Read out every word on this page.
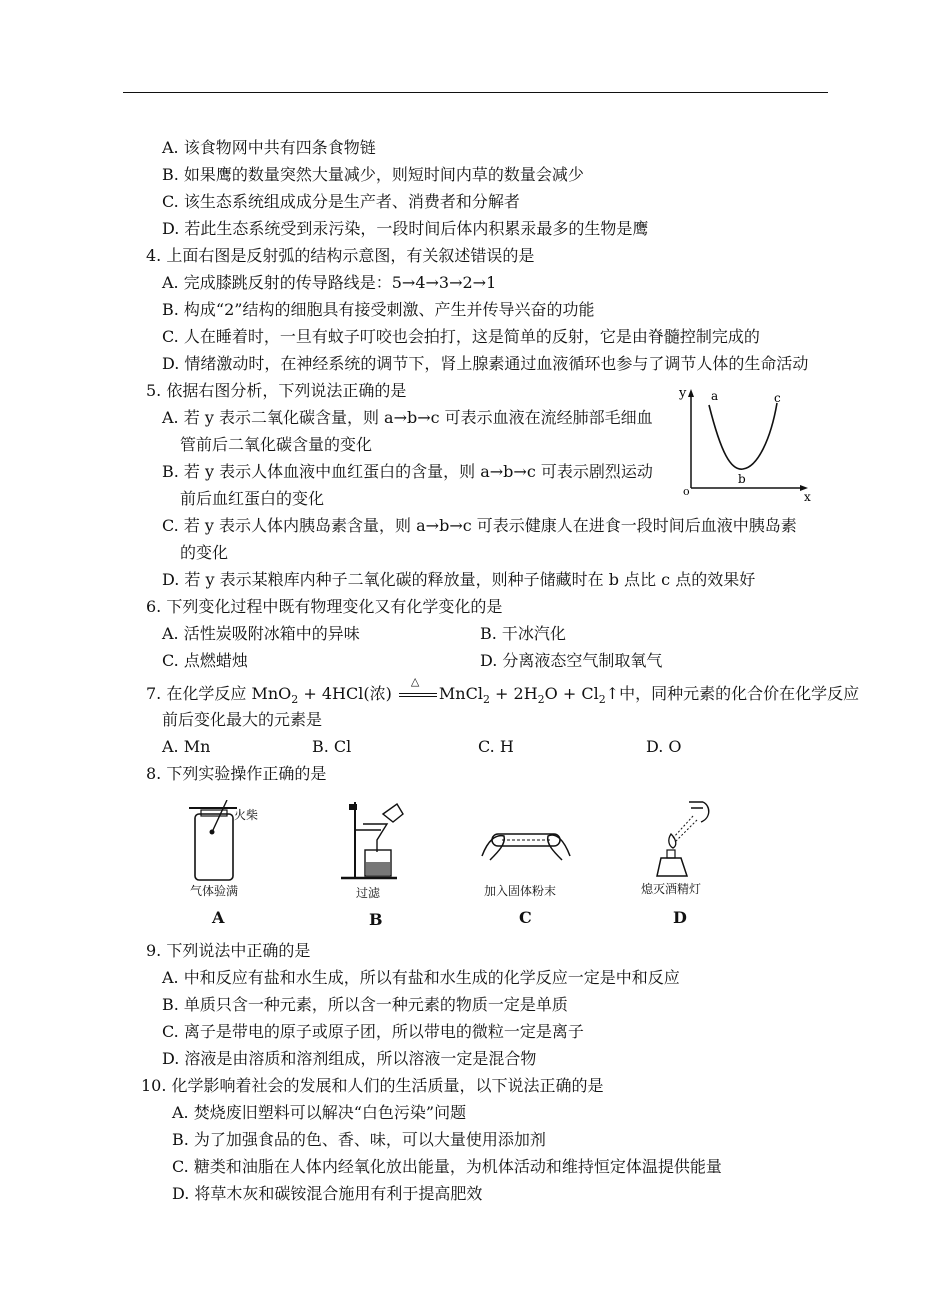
A. 该食物网中共有四条食物链
B. 如果鹰的数量突然大量减少，则短时间内草的数量会减少
C. 该生态系统组成成分是生产者、消费者和分解者
D. 若此生态系统受到汞污染，一段时间后体内积累汞最多的生物是鹰
4. 上面右图是反射弧的结构示意图，有关叙述错误的是
A. 完成膝跳反射的传导路线是：5→4→3→2→1
B. 构成“2”结构的细胞具有接受刺激、产生并传导兴奋的功能
C. 人在睡着时，一旦有蚊子叮咬也会拍打，这是简单的反射，它是由脊髓控制完成的
D. 情绪激动时，在神经系统的调节下，肾上腺素通过血液循环也参与了调节人体的生命活动
5. 依据右图分析，下列说法正确的是
A. 若 y 表示二氧化碳含量，则 a→b→c 可表示血液在流经肺部毛细血
管前后二氧化碳含量的变化
B. 若 y 表示人体血液中血红蛋白的含量，则 a→b→c 可表示剧烈运动
前后血红蛋白的变化
C. 若 y 表示人体内胰岛素含量，则 a→b→c 可表示健康人在进食一段时间后血液中胰岛素
的变化
D. 若 y 表示某粮库内种子二氧化碳的释放量，则种子储藏时在 b 点比 c 点的效果好
y a
b
c
o	x
6. 下列变化过程中既有物理变化又有化学变化的是
A. 活性炭吸附冰箱中的异味	B. 干冰汽化
C. 点燃蜡烛	D. 分离液态空气制取氧气
7. 在化学反应 MnO$_2$ + 4HCl(浓)
△
MnCl$_2$ + $2H_2O$ + $Cl_2↑$中，同种元素的化合价在化学反应
前后变化最大的元素是
A. Mn	B. Cl	C. H	D. O
8. 下列实验操作正确的是
火柴
气体验满
A
过滤
B
加入固体粉末
C
熄灭酒精灯
D
9. 下列说法中正确的是
A. 中和反应有盐和水生成，所以有盐和水生成的化学反应一定是中和反应
B. 单质只含一种元素，所以含一种元素的物质一定是单质
C. 离子是带电的原子或原子团，所以带电的微粒一定是离子
D. 溶液是由溶质和溶剂组成，所以溶液一定是混合物
10. 化学影响着社会的发展和人们的生活质量，以下说法正确的是
A. 焚烧废旧塑料可以解决“白色污染”问题
B. 为了加强食品的色、香、味，可以大量使用添加剂
C. 糖类和油脂在人体内经氧化放出能量，为机体活动和维持恒定体温提供能量
D. 将草木灰和碳铵混合施用有利于提高肥效
